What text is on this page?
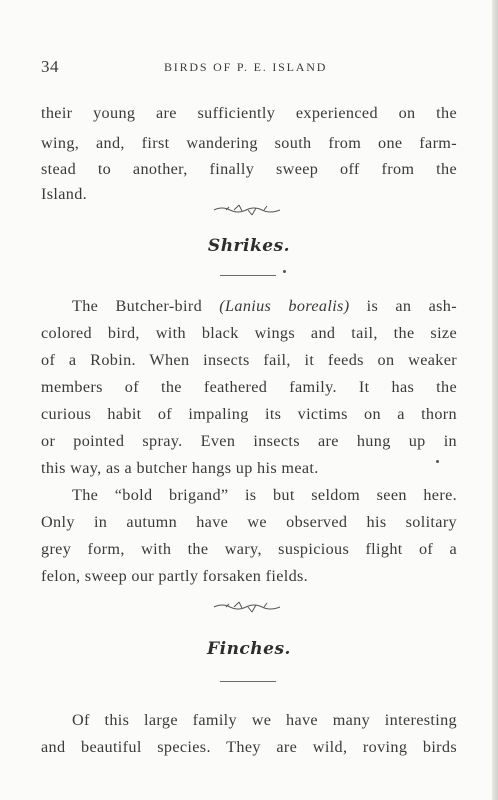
34	BIRDS OF P. E. ISLAND
their young are sufficiently experienced on the
wing, and, first wandering south from one farm-
stead to another, finally sweep off from the
Island.
Shrikes.
The Butcher-bird (Lanius borealis) is an ash-
colored bird, with black wings and tail, the size
of a Robin. When insects fail, it feeds on weaker
members of the feathered family. It has the
curious habit of impaling its victims on a thorn
or pointed spray. Even insects are hung up in
this way, as a butcher hangs up his meat.
The “bold brigand” is but seldom seen here.
Only in autumn have we observed his solitary
grey form, with the wary, suspicious flight of a
felon, sweep our partly forsaken fields.
Finches.
Of this large family we have many interesting
and beautiful species. They are wild, roving birds
